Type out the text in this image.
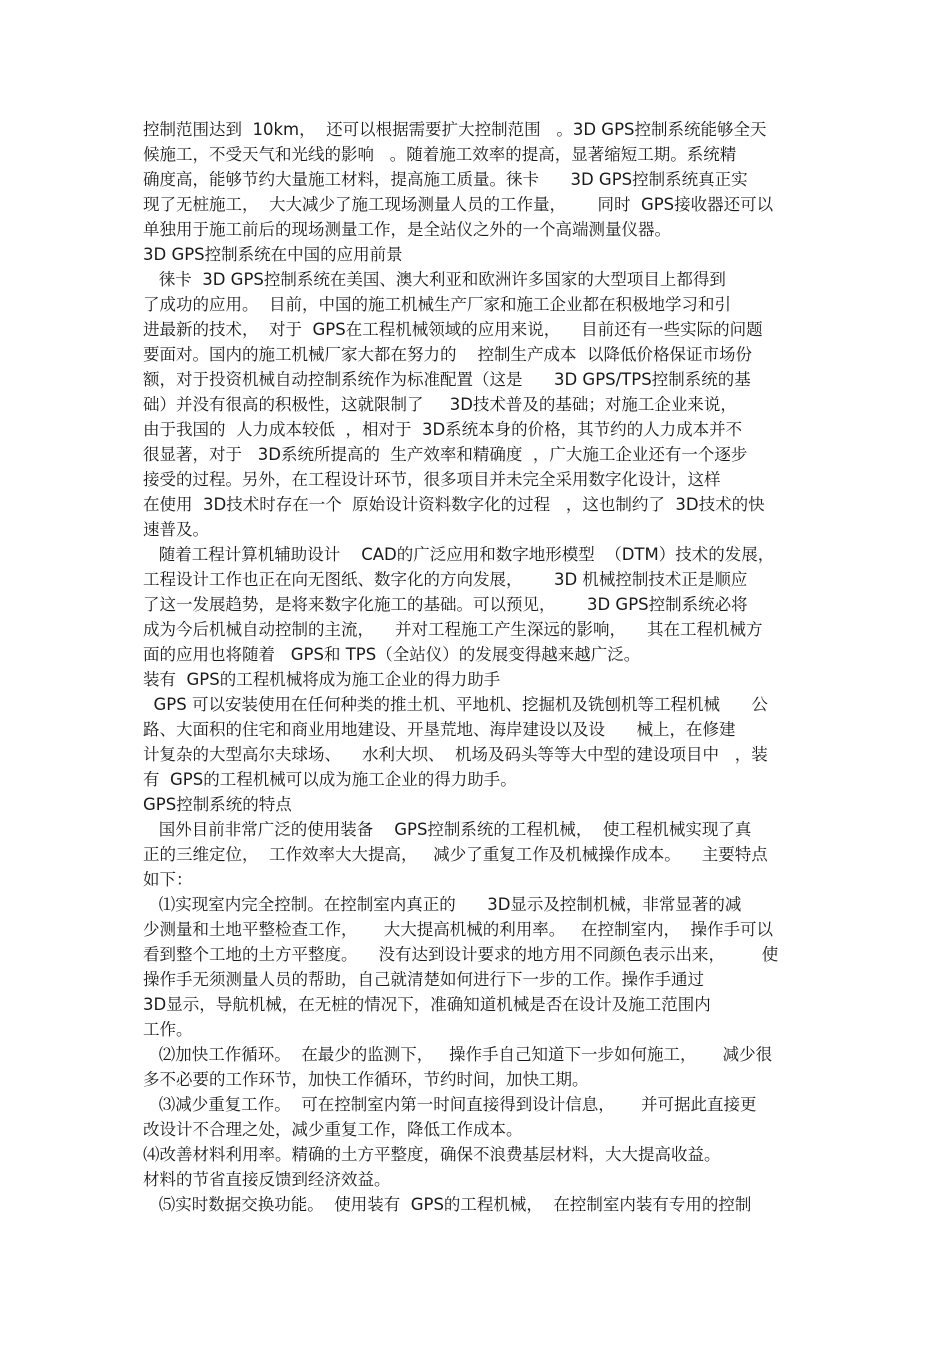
控制范围达到  10km，  还可以根据需要扩大控制范围   。3D GPS控制系统能够全天
候施工，不受天气和光线的影响   。随着施工效率的提高，显著缩短工期。系统精
确度高，能够节约大量施工材料，提高施工质量。徕卡      3D GPS控制系统真正实
现了无桩施工，  大大减少了施工现场测量人员的工作量，      同时  GPS接收器还可以
单独用于施工前后的现场测量工作，是全站仪之外的一个高端测量仪器。
3D GPS控制系统在中国的应用前景
徕卡  3D GPS控制系统在美国、澳大利亚和欧洲许多国家的大型项目上都得到
了成功的应用。  目前，中国的施工机械生产厂家和施工企业都在积极地学习和引
进最新的技术，  对于  GPS在工程机械领域的应用来说，    目前还有一些实际的问题
要面对。国内的施工机械厂家大都在努力的    控制生产成本  以降低价格保证市场份
额，对于投资机械自动控制系统作为标准配置（这是      3D GPS/TPS控制系统的基
础）并没有很高的积极性，这就限制了     3D技术普及的基础；对施工企业来说，
由于我国的  人力成本较低  ，相对于  3D系统本身的价格，其节约的人力成本并不
很显著，对于   3D系统所提高的  生产效率和精确度  ，广大施工企业还有一个逐步
接受的过程。另外，在工程设计环节，很多项目并未完全采用数字化设计，这样
在使用  3D技术时存在一个  原始设计资料数字化的过程   ，这也制约了  3D技术的快
速普及。
随着工程计算机辅助设计    CAD的广泛应用和数字地形模型  （DTM）技术的发展，
工程设计工作也正在向无图纸、数字化的方向发展，      3D 机械控制技术正是顺应
了这一发展趋势，是将来数字化施工的基础。可以预见，      3D GPS控制系统必将
成为今后机械自动控制的主流，    并对工程施工产生深远的影响，    其在工程机械方
面的应用也将随着   GPS和 TPS（全站仪）的发展变得越来越广泛。
装有  GPS的工程机械将成为施工企业的得力助手
GPS 可以安装使用在任何种类的推土机、平地机、挖掘机及铣刨机等工程机械      公
路、大面积的住宅和商业用地建设、开垦荒地、海岸建设以及设      械上，在修建
计复杂的大型高尔夫球场、    水利大坝、  机场及码头等等大中型的建设项目中   ，装
有  GPS的工程机械可以成为施工企业的得力助手。
GPS控制系统的特点
国外目前非常广泛的使用装备    GPS控制系统的工程机械，  使工程机械实现了真
正的三维定位，  工作效率大大提高，   减少了重复工作及机械操作成本。    主要特点
如下：
⑴实现室内完全控制。在控制室内真正的      3D显示及控制机械，非常显著的减
少测量和土地平整检查工作，     大大提高机械的利用率。   在控制室内，  操作手可以
看到整个工地的土方平整度。    没有达到设计要求的地方用不同颜色表示出来，       使
操作手无须测量人员的帮助，自己就清楚如何进行下一步的工作。操作手通过
3D显示，导航机械，在无桩的情况下，准确知道机械是否在设计及施工范围内
工作。
⑵加快工作循环。  在最少的监测下，   操作手自己知道下一步如何施工，     减少很
多不必要的工作环节，加快工作循环，节约时间，加快工期。
⑶减少重复工作。  可在控制室内第一时间直接得到设计信息，     并可据此直接更
改设计不合理之处，减少重复工作，降低工作成本。
⑷改善材料利用率。精确的土方平整度，确保不浪费基层材料，大大提高收益。
材料的节省直接反馈到经济效益。
⑸实时数据交换功能。  使用装有  GPS的工程机械，  在控制室内装有专用的控制
